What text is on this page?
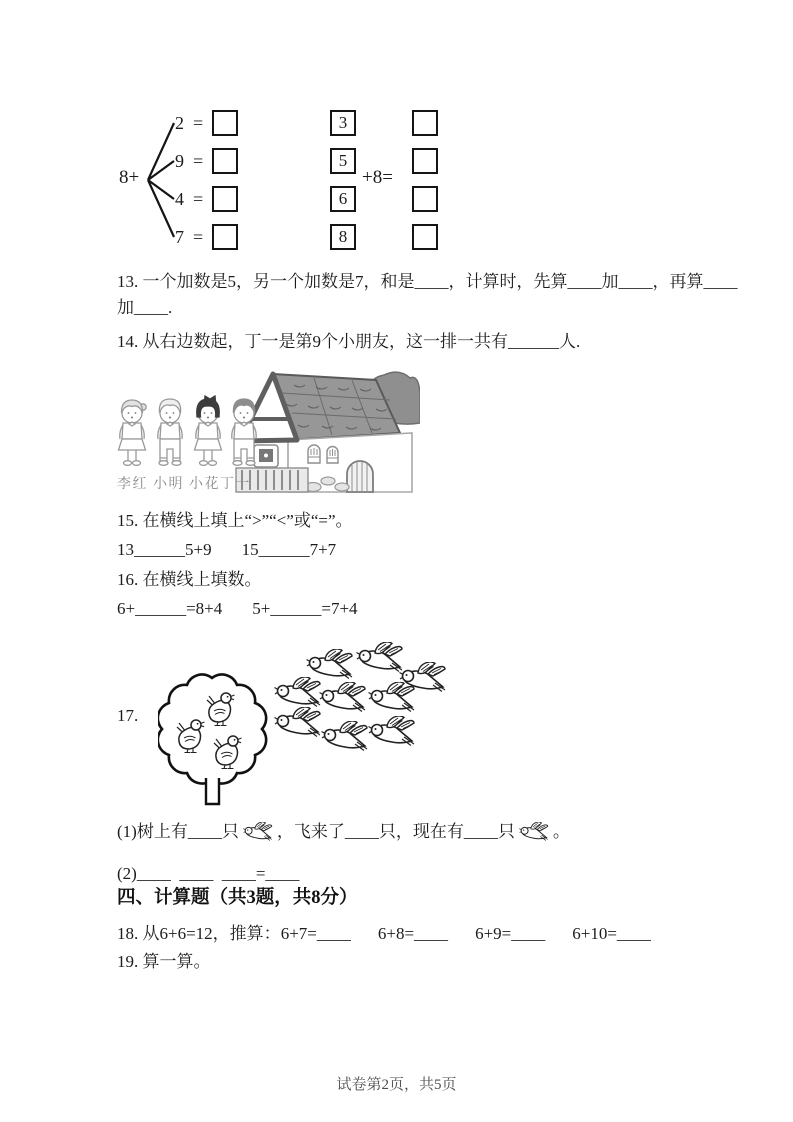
8+
2 =	3
9 =	5
4 =	6
7 =	8
+8=
13. 一个加数是5，另一个加数是7，和是____，计算时，先算____加____，再算____
加____.
14. 从右边数起，丁一是第9个小朋友，这一排一共有______人.
李红 小明 小花丁一
15. 在横线上填上“>”“<”或“=”。
13______5+9 15______7+7
16. 在横线上填数。
6+______=8+4 5+______=7+4
17.
(1)树上有____只 ，飞来了____只，现在有____只 。
(2)____  ____  ____=____
四、计算题（共3题，共8分）
18. 从6+6=12，推算：6+7=____ 6+8=____ 6+9=____ 6+10=____
19. 算一算。
试卷第2页，共5页
